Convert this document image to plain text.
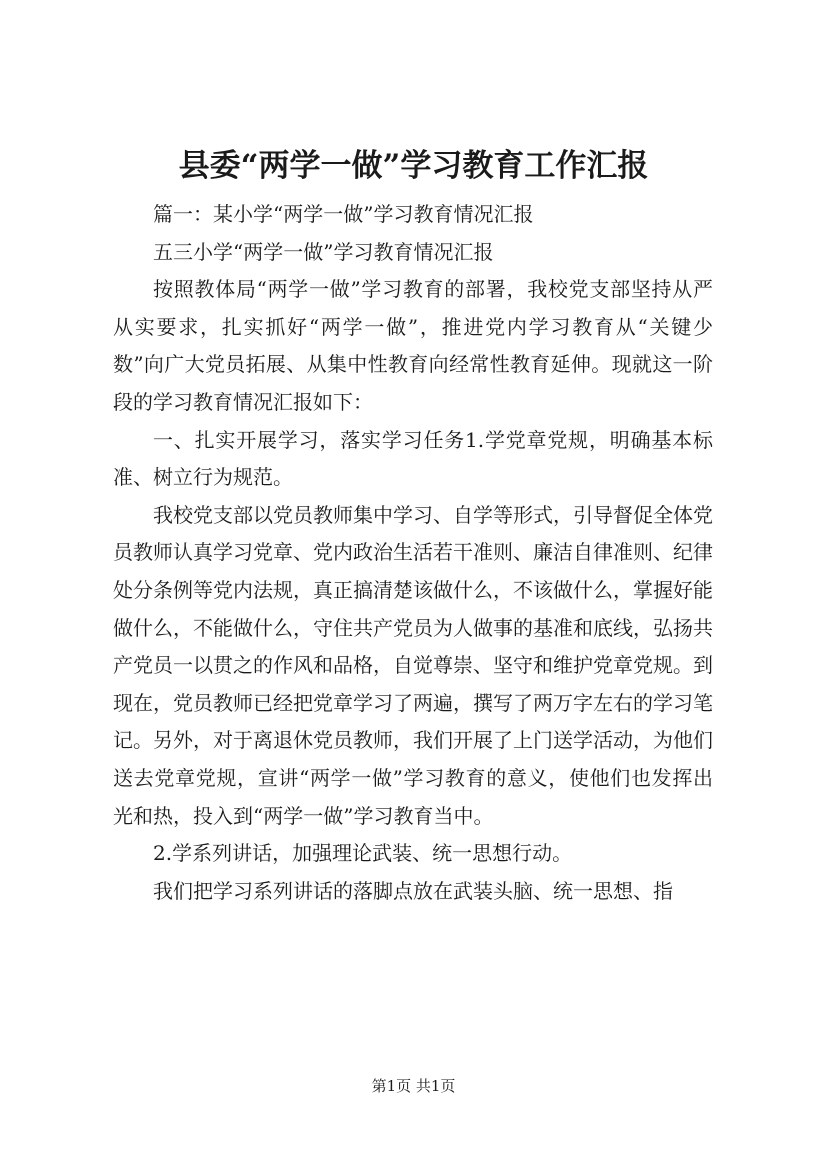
县委“两学一做”学习教育工作汇报

篇一：某小学“两学一做”学习教育情况汇报

五三小学“两学一做”学习教育情况汇报

按照教体局“两学一做”学习教育的部署，我校党支部坚持从严从实要求，扎实抓好“两学一做”，推进党内学习教育从“关键少数”向广大党员拓展、从集中性教育向经常性教育延伸。现就这一阶段的学习教育情况汇报如下：

一、扎实开展学习，落实学习任务1.学党章党规，明确基本标准、树立行为规范。

我校党支部以党员教师集中学习、自学等形式，引导督促全体党员教师认真学习党章、党内政治生活若干准则、廉洁自律准则、纪律处分条例等党内法规，真正搞清楚该做什么，不该做什么，掌握好能做什么，不能做什么，守住共产党员为人做事的基准和底线，弘扬共产党员一以贯之的作风和品格，自觉尊崇、坚守和维护党章党规。到现在，党员教师已经把党章学习了两遍，撰写了两万字左右的学习笔记。另外，对于离退休党员教师，我们开展了上门送学活动，为他们送去党章党规，宣讲“两学一做”学习教育的意义，使他们也发挥出光和热，投入到“两学一做”学习教育当中。

2.学系列讲话，加强理论武装、统一思想行动。

我们把学习系列讲话的落脚点放在武装头脑、统一思想、指

第1页 共1页
